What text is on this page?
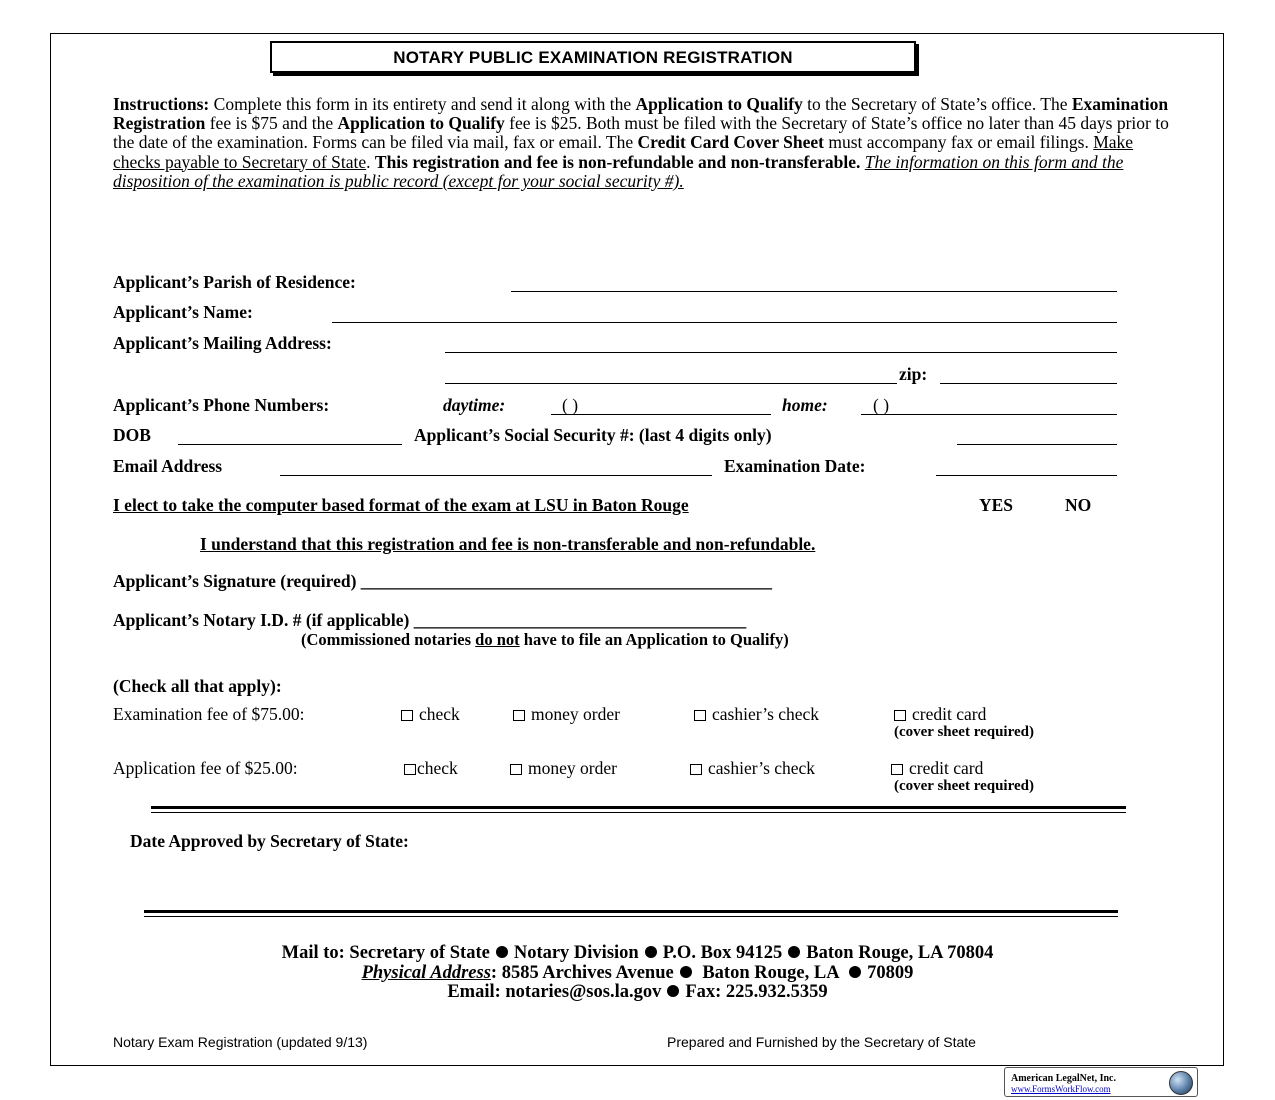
NOTARY PUBLIC EXAMINATION REGISTRATION
Instructions: Complete this form in its entirety and send it along with the Application to Qualify to the Secretary of State’s office. The Examination Registration fee is $75 and the Application to Qualify fee is $25. Both must be filed with the Secretary of State’s office no later than 45 days prior to the date of the examination. Forms can be filed via mail, fax or email. The Credit Card Cover Sheet must accompany fax or email filings. Make checks payable to Secretary of State. This registration and fee is non-refundable and non-transferable. The information on this form and the disposition of the examination is public record (except for your social security #).
Applicant’s Parish of Residence:
Applicant’s Name:
Applicant’s Mailing Address:
zip:
Applicant’s Phone Numbers:	daytime:	( )	home:	( )
DOB	Applicant’s Social Security #: (last 4 digits only)
Email Address	Examination Date:
I elect to take the computer based format of the exam at LSU in Baton Rouge	YES	NO
I understand that this registration and fee is non-transferable and non-refundable.
Applicant’s Signature (required) _______________________________________________
Applicant’s Notary I.D. # (if applicable) ______________________________________
(Commissioned notaries do not have to file an Application to Qualify)
(Check all that apply):
Examination fee of $75.00:	check	money order	cashier’s check	credit card
(cover sheet required)
Application fee of $25.00:	check	money order	cashier’s check	credit card
(cover sheet required)
Date Approved by Secretary of State:
Mail to: Secretary of State Notary Division P.O. Box 94125 Baton Rouge, LA 70804
Physical Address: 8585 Archives Avenue Baton Rouge, LA 70809
Email: notaries@sos.la.gov Fax: 225.932.5359
Notary Exam Registration (updated 9/13)	Prepared and Furnished by the Secretary of State
American LegalNet, Inc.
www.FormsWorkFlow.com
